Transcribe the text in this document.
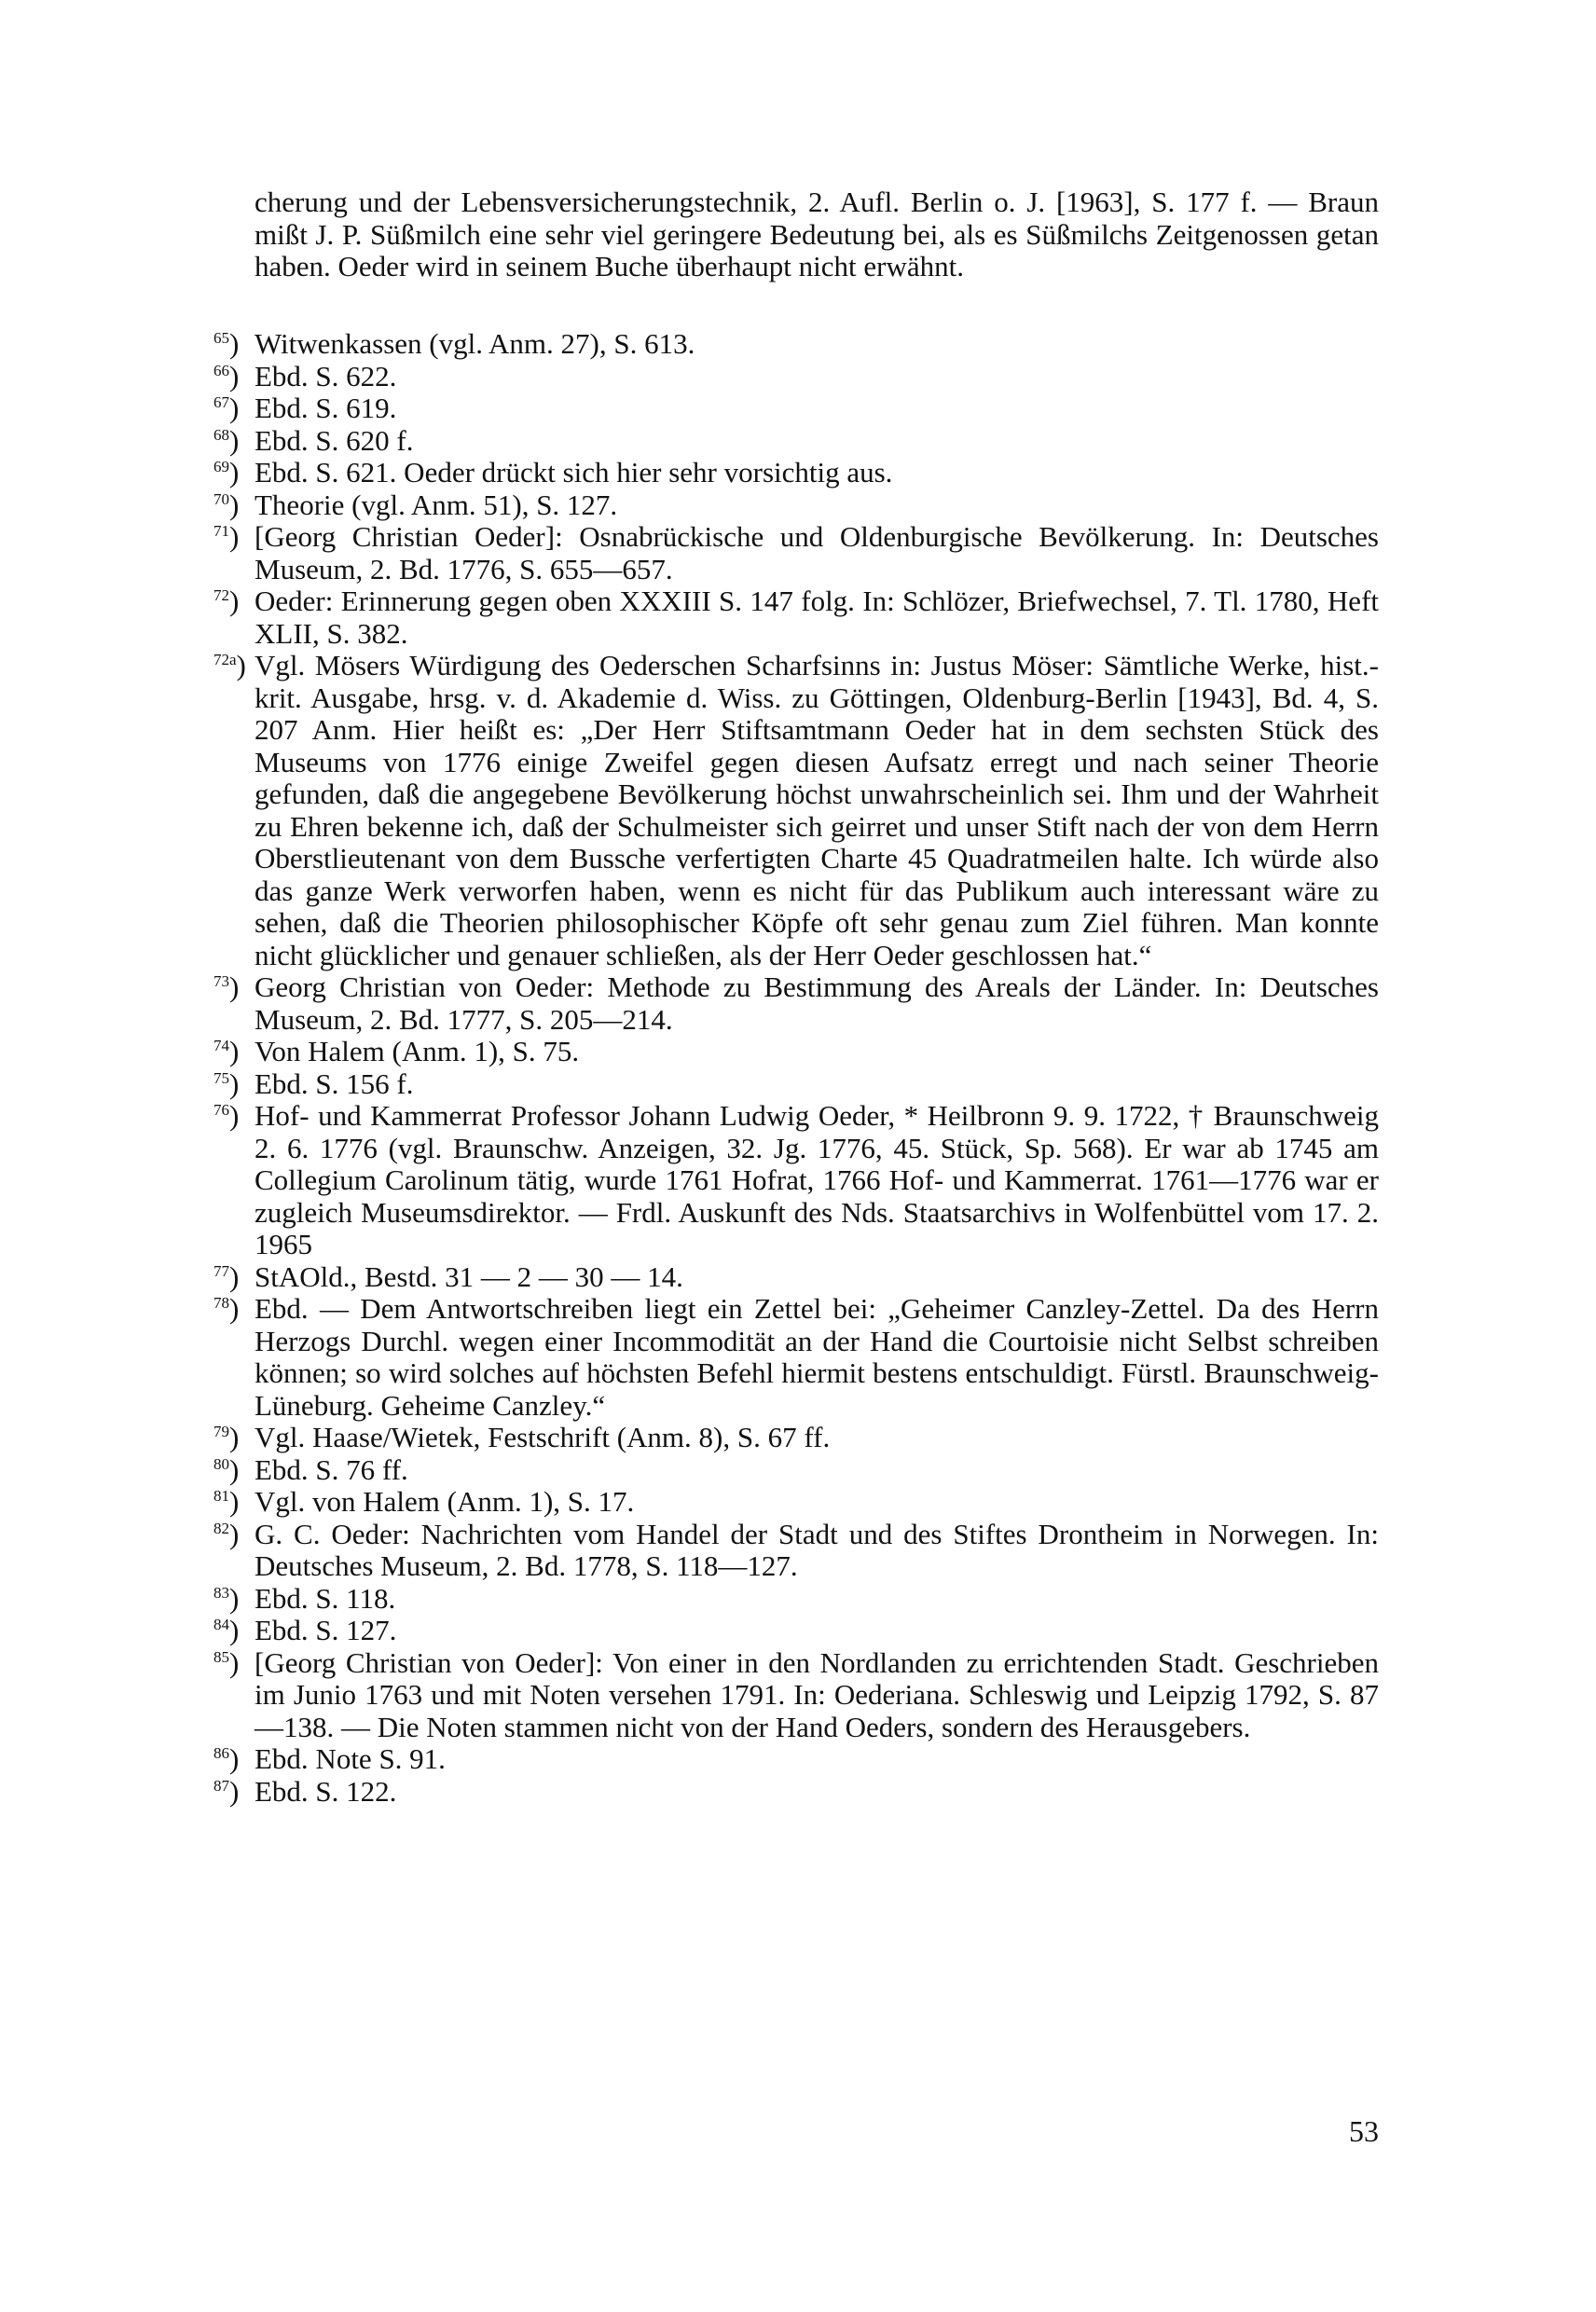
cherung und der Lebensversicherungstechnik, 2. Aufl. Berlin o. J. [1963], S. 177 f. — Braun mißt J. P. Süßmilch eine sehr viel geringere Bedeutung bei, als es Süßmilchs Zeitgenossen getan haben. Oeder wird in seinem Buche überhaupt nicht erwähnt.
$^{65}$) Witwenkassen (vgl. Anm. 27), S. 613.
$^{66}$) Ebd. S. 622.
$^{67}$) Ebd. S. 619.
$^{68}$) Ebd. S. 620 f.
$^{69}$) Ebd. S. 621. Oeder drückt sich hier sehr vorsichtig aus.
$^{70}$) Theorie (vgl. Anm. 51), S. 127.
$^{71}$) [Georg Christian Oeder]: Osnabrückische und Oldenburgische Bevölkerung. In: Deutsches Museum, 2. Bd. 1776, S. 655—657.
$^{72}$) Oeder: Erinnerung gegen oben XXXIII S. 147 folg. In: Schlözer, Briefwechsel, 7. Tl. 1780, Heft XLII, S. 382.
$^{72a}$) Vgl. Mösers Würdigung des Oederschen Scharfsinns in: Justus Möser: Sämtliche Werke, hist.-krit. Ausgabe, hrsg. v. d. Akademie d. Wiss. zu Göttingen, Oldenburg-Berlin [1943], Bd. 4, S. 207 Anm. Hier heißt es: „Der Herr Stiftsamtmann Oeder hat in dem sechsten Stück des Museums von 1776 einige Zweifel gegen diesen Aufsatz erregt und nach seiner Theorie gefunden, daß die angegebene Bevölkerung höchst unwahrscheinlich sei. Ihm und der Wahrheit zu Ehren bekenne ich, daß der Schulmeister sich geirret und unser Stift nach der von dem Herrn Oberstlieutenant von dem Bussche verfertigten Charte 45 Quadratmeilen halte. Ich würde also das ganze Werk verworfen haben, wenn es nicht für das Publikum auch interessant wäre zu sehen, daß die Theorien philosophischer Köpfe oft sehr genau zum Ziel führen. Man konnte nicht glücklicher und genauer schließen, als der Herr Oeder geschlossen hat.“
$^{73}$) Georg Christian von Oeder: Methode zu Bestimmung des Areals der Länder. In: Deutsches Museum, 2. Bd. 1777, S. 205—214.
$^{74}$) Von Halem (Anm. 1), S. 75.
$^{75}$) Ebd. S. 156 f.
$^{76}$) Hof- und Kammerrat Professor Johann Ludwig Oeder, * Heilbronn 9. 9. 1722, † Braunschweig 2. 6. 1776 (vgl. Braunschw. Anzeigen, 32. Jg. 1776, 45. Stück, Sp. 568). Er war ab 1745 am Collegium Carolinum tätig, wurde 1761 Hofrat, 1766 Hof- und Kammerrat. 1761—1776 war er zugleich Museumsdirektor. — Frdl. Auskunft des Nds. Staatsarchivs in Wolfenbüttel vom 17. 2. 1965
$^{77}$) StAOld., Bestd. 31 — 2 — 30 — 14.
$^{78}$) Ebd. — Dem Antwortschreiben liegt ein Zettel bei: „Geheimer Canzley-Zettel. Da des Herrn Herzogs Durchl. wegen einer Incommodität an der Hand die Courtoisie nicht Selbst schreiben können; so wird solches auf höchsten Befehl hiermit bestens entschuldigt. Fürstl. Braunschweig- Lüneburg. Geheime Canzley.“
$^{79}$) Vgl. Haase/Wietek, Festschrift (Anm. 8), S. 67 ff.
$^{80}$) Ebd. S. 76 ff.
$^{81}$) Vgl. von Halem (Anm. 1), S. 17.
$^{82}$) G. C. Oeder: Nachrichten vom Handel der Stadt und des Stiftes Drontheim in Norwegen. In: Deutsches Museum, 2. Bd. 1778, S. 118—127.
$^{83}$) Ebd. S. 118.
$^{84}$) Ebd. S. 127.
$^{85}$) [Georg Christian von Oeder]: Von einer in den Nordlanden zu errichtenden Stadt. Geschrieben im Junio 1763 und mit Noten versehen 1791. In: Oederiana. Schleswig und Leipzig 1792, S. 87—138. — Die Noten stammen nicht von der Hand Oeders, sondern des Herausgebers.
$^{86}$) Ebd. Note S. 91.
$^{87}$) Ebd. S. 122.
53
